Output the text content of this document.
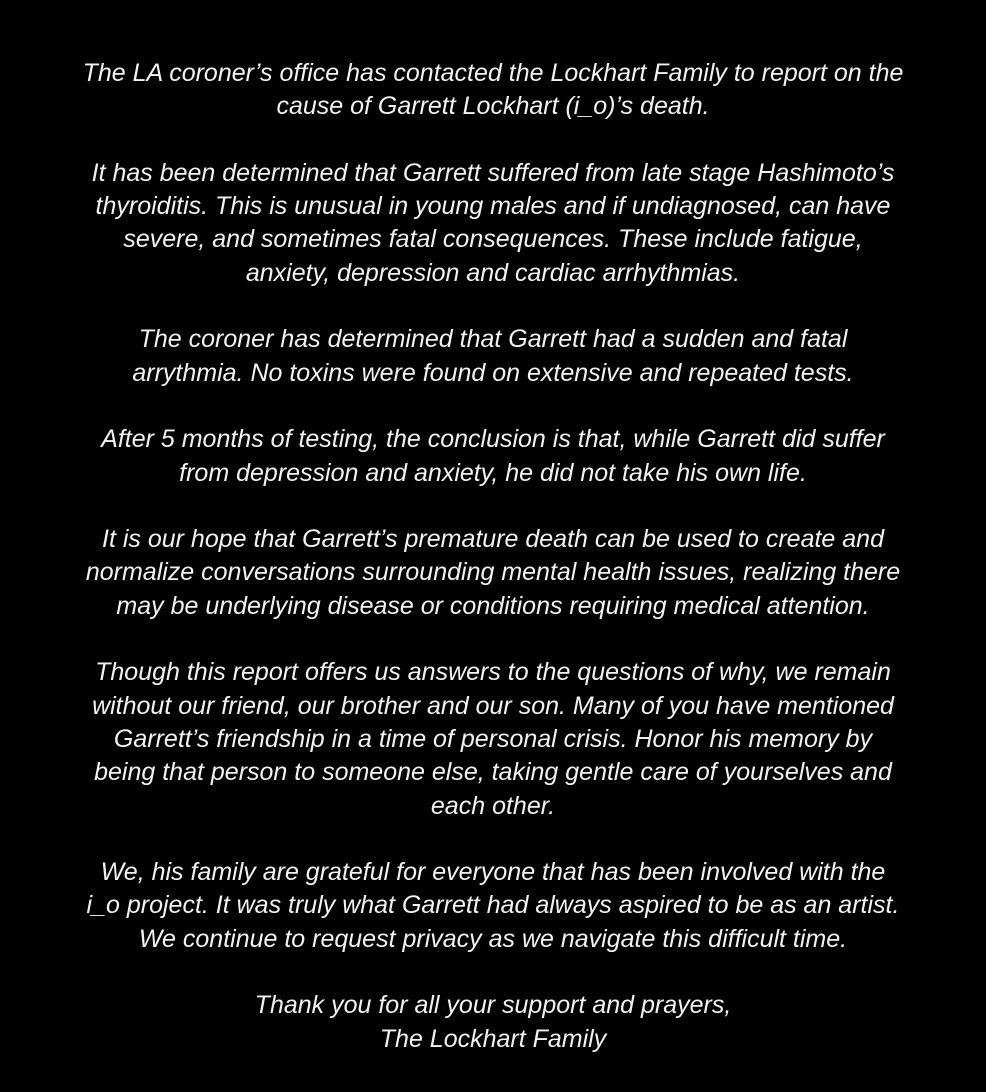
The LA coroner’s office has contacted the Lockhart Family to report on the
cause of Garrett Lockhart (i_o)’s death.

It has been determined that Garrett suffered from late stage Hashimoto’s
thyroiditis. This is unusual in young males and if undiagnosed, can have
severe, and sometimes fatal consequences. These include fatigue,
anxiety, depression and cardiac arrhythmias.

The coroner has determined that Garrett had a sudden and fatal
arrythmia. No toxins were found on extensive and repeated tests.

After 5 months of testing, the conclusion is that, while Garrett did suffer
from depression and anxiety, he did not take his own life.

It is our hope that Garrett’s premature death can be used to create and
normalize conversations surrounding mental health issues, realizing there
may be underlying disease or conditions requiring medical attention.

Though this report offers us answers to the questions of why, we remain
without our friend, our brother and our son. Many of you have mentioned
Garrett’s friendship in a time of personal crisis. Honor his memory by
being that person to someone else, taking gentle care of yourselves and
each other.

We, his family are grateful for everyone that has been involved with the
i_o project. It was truly what Garrett had always aspired to be as an artist.
We continue to request privacy as we navigate this difficult time.

Thank you for all your support and prayers,
The Lockhart Family
